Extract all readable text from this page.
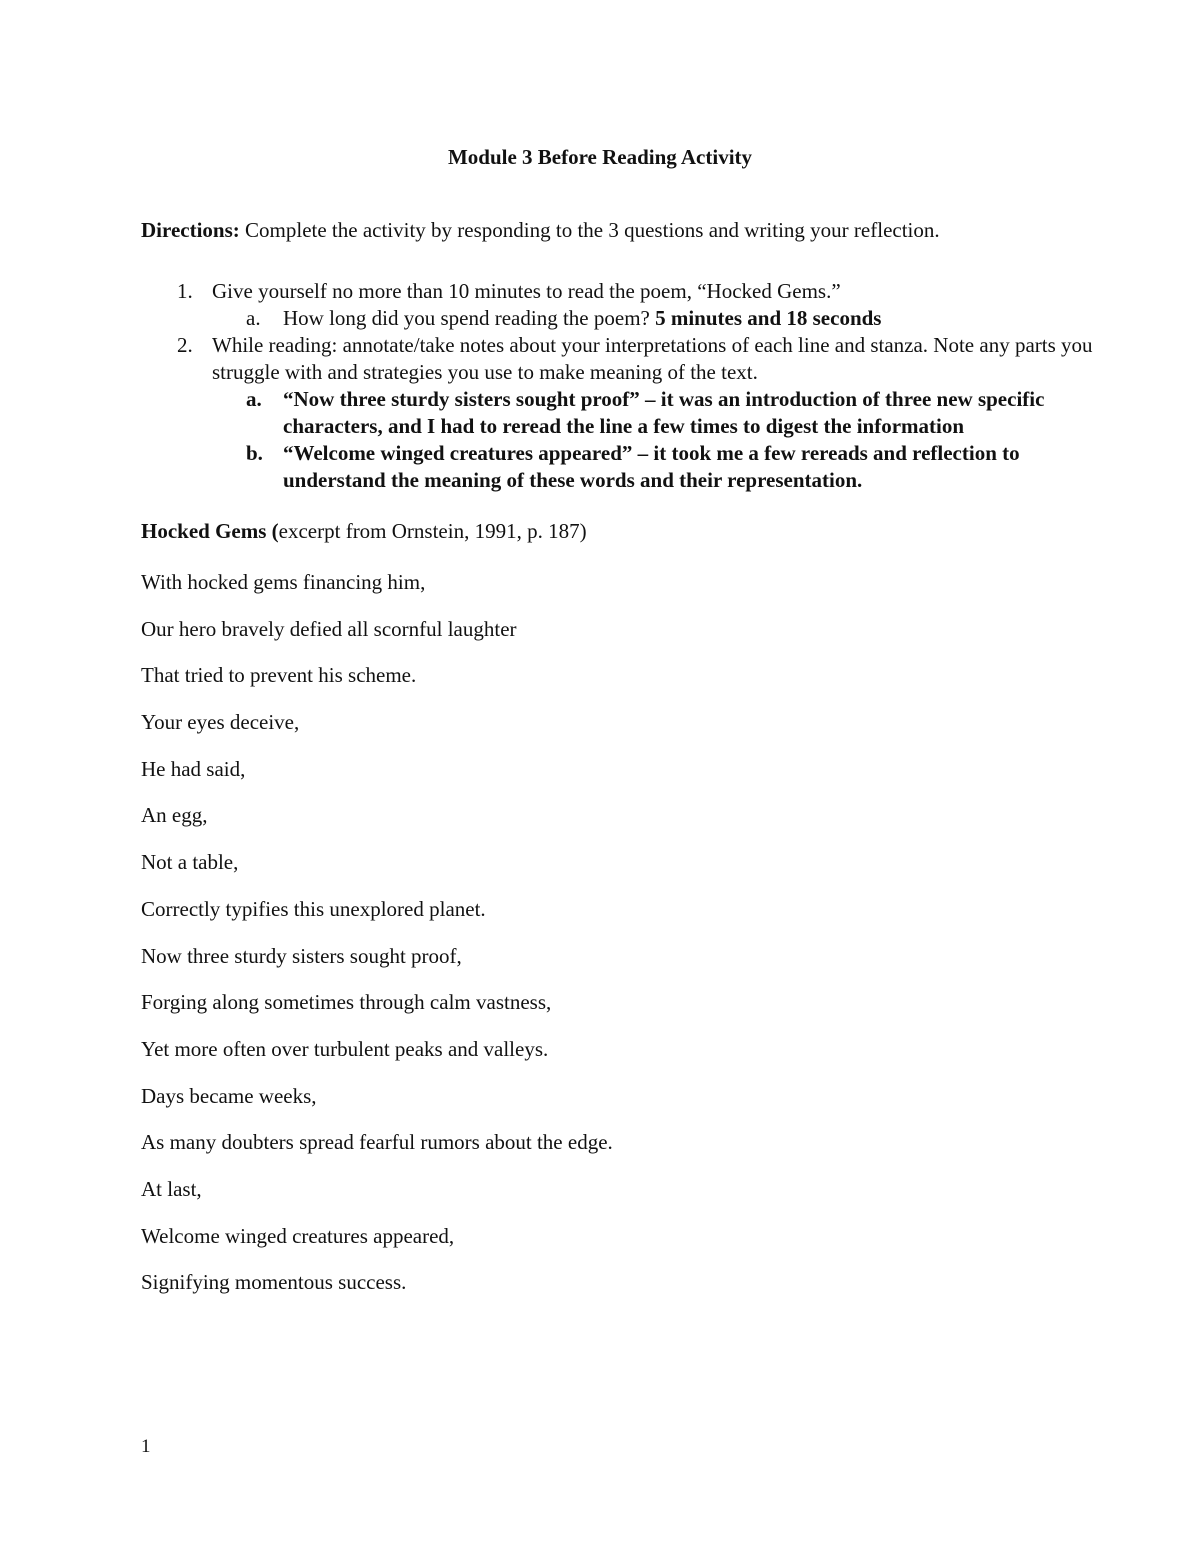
Module 3 Before Reading Activity

Directions: Complete the activity by responding to the 3 questions and writing your reflection.

1. Give yourself no more than 10 minutes to read the poem, “Hocked Gems.”
a. How long did you spend reading the poem? 5 minutes and 18 seconds
2. While reading: annotate/take notes about your interpretations of each line and stanza. Note any parts you struggle with and strategies you use to make meaning of the text.
a. “Now three sturdy sisters sought proof” – it was an introduction of three new specific characters, and I had to reread the line a few times to digest the information
b. “Welcome winged creatures appeared” – it took me a few rereads and reflection to understand the meaning of these words and their representation.

Hocked Gems (excerpt from Ornstein, 1991, p. 187)

With hocked gems financing him,
Our hero bravely defied all scornful laughter
That tried to prevent his scheme.
Your eyes deceive,
He had said,
An egg,
Not a table,
Correctly typifies this unexplored planet.
Now three sturdy sisters sought proof,
Forging along sometimes through calm vastness,
Yet more often over turbulent peaks and valleys.
Days became weeks,
As many doubters spread fearful rumors about the edge.
At last,
Welcome winged creatures appeared,
Signifying momentous success.

1
